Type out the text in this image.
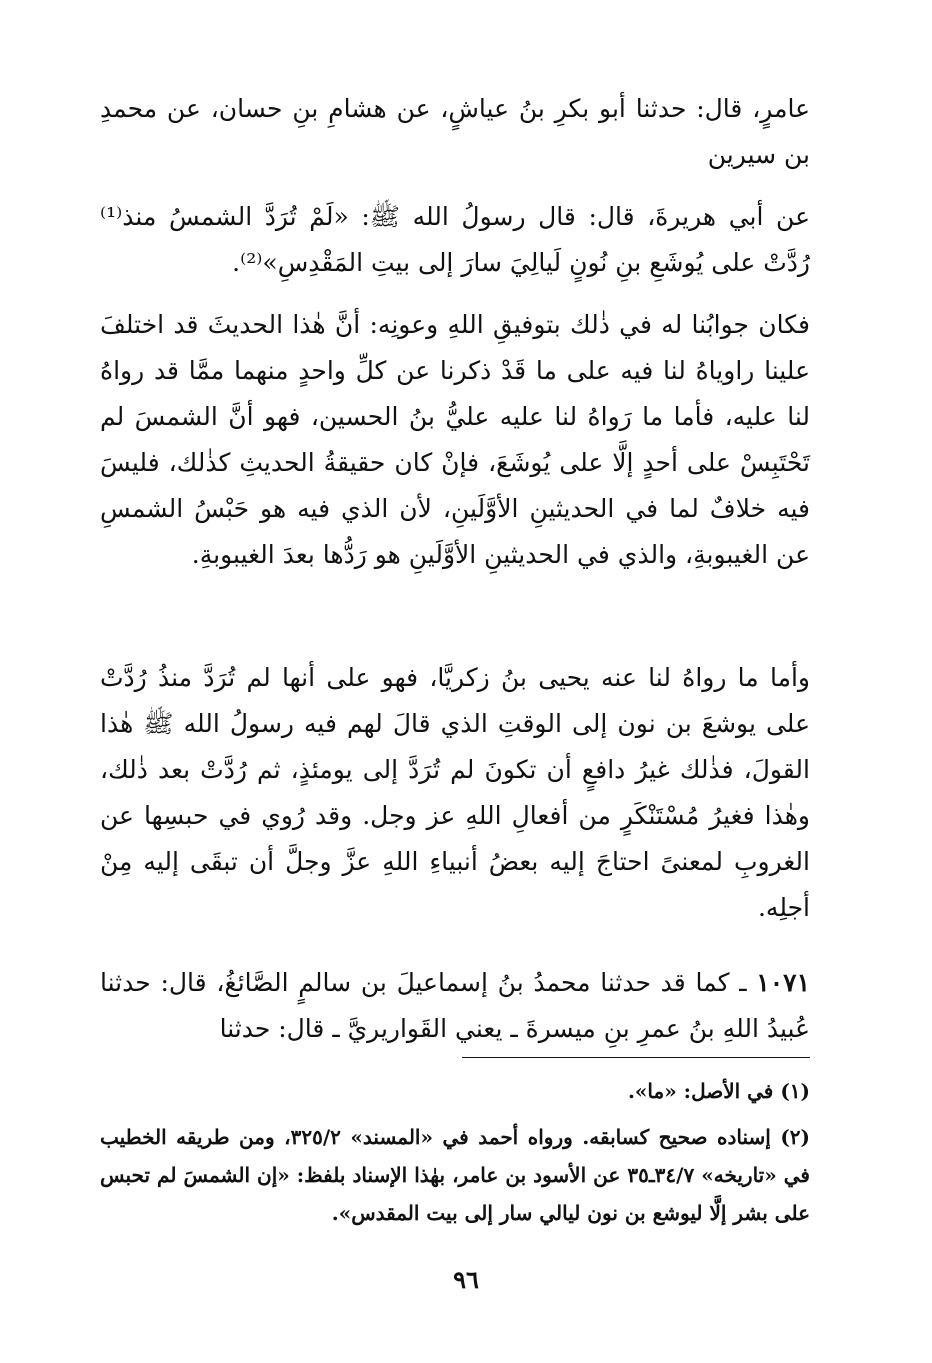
عامرٍ، قال: حدثنا أبو بكرِ بنُ عياشٍ، عن هشامِ بنِ حسان، عن محمدِ بن سيرين

عن أبي هريرةَ، قال: قال رسولُ الله ﷺ: «لَمْ تُرَدَّ الشمسُ منذ⁽¹⁾ رُدَّتْ على يُوشَعِ بنِ نُونٍ لَيالِيَ سارَ إلى بيتِ المَقْدِسِ»⁽²⁾.

فكان جوابُنا له في ذٰلك بتوفيقِ اللهِ وعونِه: أنَّ هٰذا الحديثَ قد اختلفَ علينا راوياهُ لنا فيه على ما قَدْ ذكرنا عن كلِّ واحدٍ منهما ممَّا قد رواهُ لنا عليه، فأما ما رَواهُ لنا عليه عليُّ بنُ الحسين، فهو أنَّ الشمسَ لم تَحْتَبِسْ على أحدٍ إلَّا على يُوشَعَ، فإنْ كان حقيقةُ الحديثِ كذٰلك، فليسَ فيه خلافٌ لما في الحديثينِ الأوَّلَينِ، لأن الذي فيه هو حَبْسُ الشمسِ عن الغيبوبةِ، والذي في الحديثينِ الأوَّلَينِ هو رَدُّها بعدَ الغيبوبةِ.

وأما ما رواهُ لنا عنه يحيى بنُ زكريَّا، فهو على أنها لم تُرَدَّ منذُ رُدَّتْ على يوشعَ بن نون إلى الوقتِ الذي قالَ لهم فيه رسولُ الله ﷺ هٰذا القولَ، فذٰلك غيرُ دافعٍ أن تكونَ لم تُرَدَّ إلى يومئذٍ، ثم رُدَّتْ بعد ذٰلك، وهٰذا فغيرُ مُسْتَنْكَرٍ من أفعالِ اللهِ عز وجل. وقد رُوي في حبسِها عن الغروبِ لمعنىً احتاجَ إليه بعضُ أنبياءِ اللهِ عزَّ وجلَّ أن تبقَى إليه مِنْ أجلِه.

١٠٧١ ـ كما قد حدثنا محمدُ بنُ إسماعيلَ بن سالمٍ الصَّائغُ، قال: حدثنا عُبيدُ اللهِ بنُ عمرِ بنِ ميسرةَ ـ يعني القَواريريَّ ـ قال: حدثنا

(١) في الأصل: «ما».

(٢) إسناده صحيح كسابقه. ورواه أحمد في «المسند» ٣٢٥/٢، ومن طريقه الخطيب في «تاريخه» ٣٤/٧ـ٣٥ عن الأسود بن عامر، بهٰذا الإسناد بلفظ: «إن الشمسَ لم تحبس على بشر إلَّا ليوشع بن نون ليالي سار إلى بيت المقدس».

٩٦
